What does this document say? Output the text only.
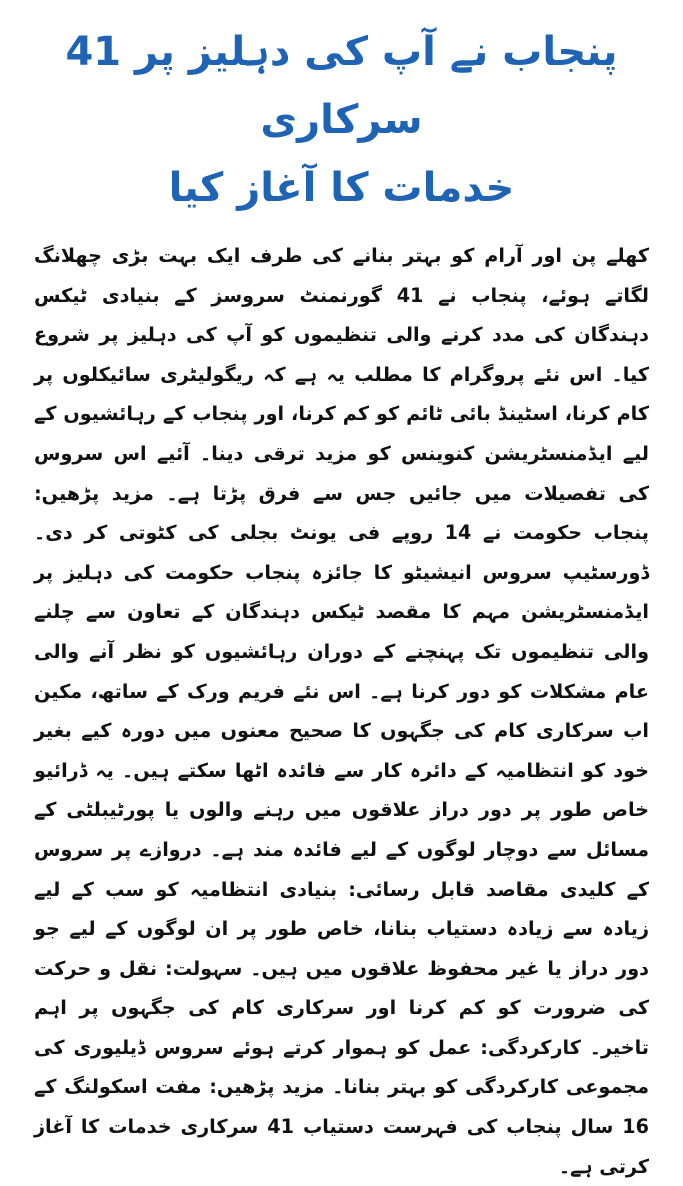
پنجاب نے آپ کی دہلیز پر 41 سرکاری
خدمات کا آغاز کیا

کھلے پن اور آرام کو بہتر بنانے کی طرف ایک بہت بڑی چھلانگ لگاتے ہوئے، پنجاب نے 41 گورنمنٹ سروسز کے بنیادی ٹیکس دہندگان کی مدد کرنے والی تنظیموں کو آپ کی دہلیز پر شروع کیا۔ اس نئے پروگرام کا مطلب یہ ہے کہ ریگولیٹری سائیکلوں پر کام کرنا، اسٹینڈ بائی ٹائم کو کم کرنا، اور پنجاب کے رہائشیوں کے لیے ایڈمنسٹریشن کنوینس کو مزید ترقی دینا۔ آئیے اس سروس کی تفصیلات میں جائیں جس سے فرق پڑتا ہے۔ مزید پڑھیں: پنجاب حکومت نے 14 روپے فی یونٹ بجلی کی کٹوتی کر دی۔ ڈورسٹیپ سروس انیشیٹو کا جائزہ پنجاب حکومت کی دہلیز پر ایڈمنسٹریشن مہم کا مقصد ٹیکس دہندگان کے تعاون سے چلنے والی تنظیموں تک پہنچنے کے دوران رہائشیوں کو نظر آنے والی عام مشکلات کو دور کرنا ہے۔ اس نئے فریم ورک کے ساتھ، مکین اب سرکاری کام کی جگہوں کا صحیح معنوں میں دورہ کیے بغیر خود کو انتظامیہ کے دائرہ کار سے فائدہ اٹھا سکتے ہیں۔ یہ ڈرائیو خاص طور پر دور دراز علاقوں میں رہنے والوں یا پورٹیبلٹی کے مسائل سے دوچار لوگوں کے لیے فائدہ مند ہے۔ دروازے پر سروس کے کلیدی مقاصد قابل رسائی: بنیادی انتظامیہ کو سب کے لیے زیادہ سے زیادہ دستیاب بنانا، خاص طور پر ان لوگوں کے لیے جو دور دراز یا غیر محفوظ علاقوں میں ہیں۔ سہولت: نقل و حرکت کی ضرورت کو کم کرنا اور سرکاری کام کی جگہوں پر اہم تاخیر۔ کارکردگی: عمل کو ہموار کرتے ہوئے سروس ڈیلیوری کی مجموعی کارکردگی کو بہتر بنانا۔ مزید پڑھیں: مفت اسکولنگ کے 16 سال پنجاب کی فہرست دستیاب 41 سرکاری خدمات کا آغاز کرتی ہے۔
